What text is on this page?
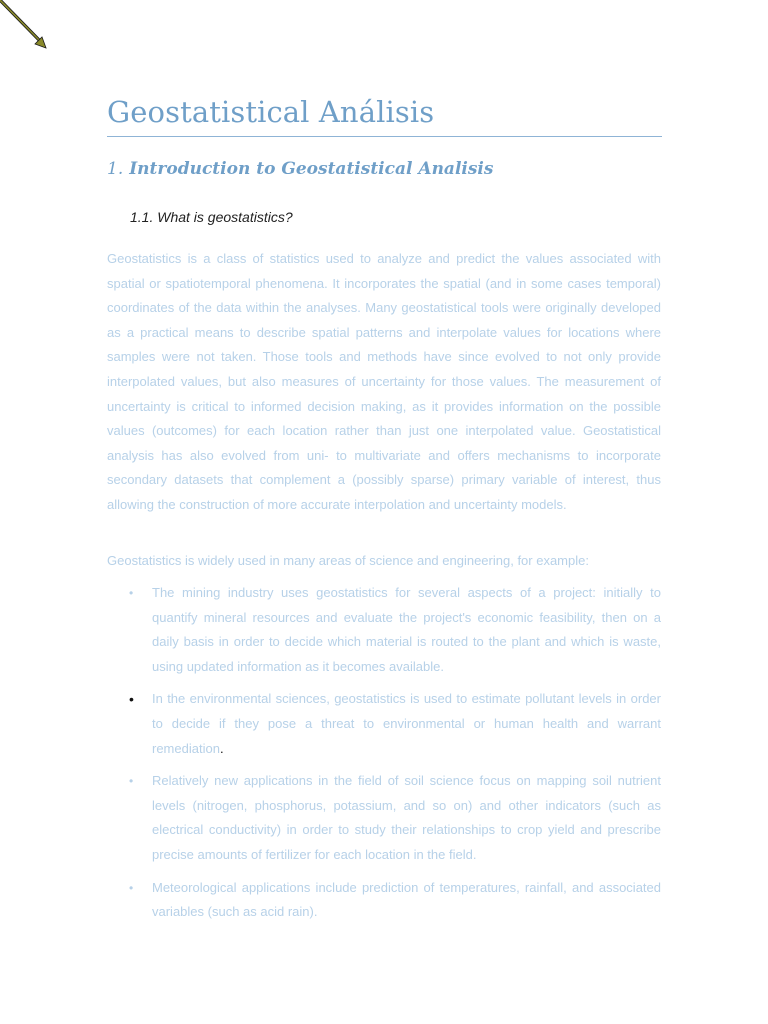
Geostatistical Análisis
1. Introduction to Geostatistical Analisis
1.1. What is geostatistics?

Geostatistics is a class of statistics used to analyze and predict the values associated with spatial or spatiotemporal phenomena. It incorporates the spatial (and in some cases temporal) coordinates of the data within the analyses. Many geostatistical tools were originally developed as a practical means to describe spatial patterns and interpolate values for locations where samples were not taken. Those tools and methods have since evolved to not only provide interpolated values, but also measures of uncertainty for those values. The measurement of uncertainty is critical to informed decision making, as it provides information on the possible values (outcomes) for each location rather than just one interpolated value. Geostatistical analysis has also evolved from uni- to multivariate and offers mechanisms to incorporate secondary datasets that complement a (possibly sparse) primary variable of interest, thus allowing the construction of more accurate interpolation and uncertainty models.

Geostatistics is widely used in many areas of science and engineering, for example:

• The mining industry uses geostatistics for several aspects of a project: initially to quantify mineral resources and evaluate the project's economic feasibility, then on a daily basis in order to decide which material is routed to the plant and which is waste, using updated information as it becomes available.
• In the environmental sciences, geostatistics is used to estimate pollutant levels in order to decide if they pose a threat to environmental or human health and warrant remediation.
• Relatively new applications in the field of soil science focus on mapping soil nutrient levels (nitrogen, phosphorus, potassium, and so on) and other indicators (such as electrical conductivity) in order to study their relationships to crop yield and prescribe precise amounts of fertilizer for each location in the field.
• Meteorological applications include prediction of temperatures, rainfall, and associated variables (such as acid rain).
